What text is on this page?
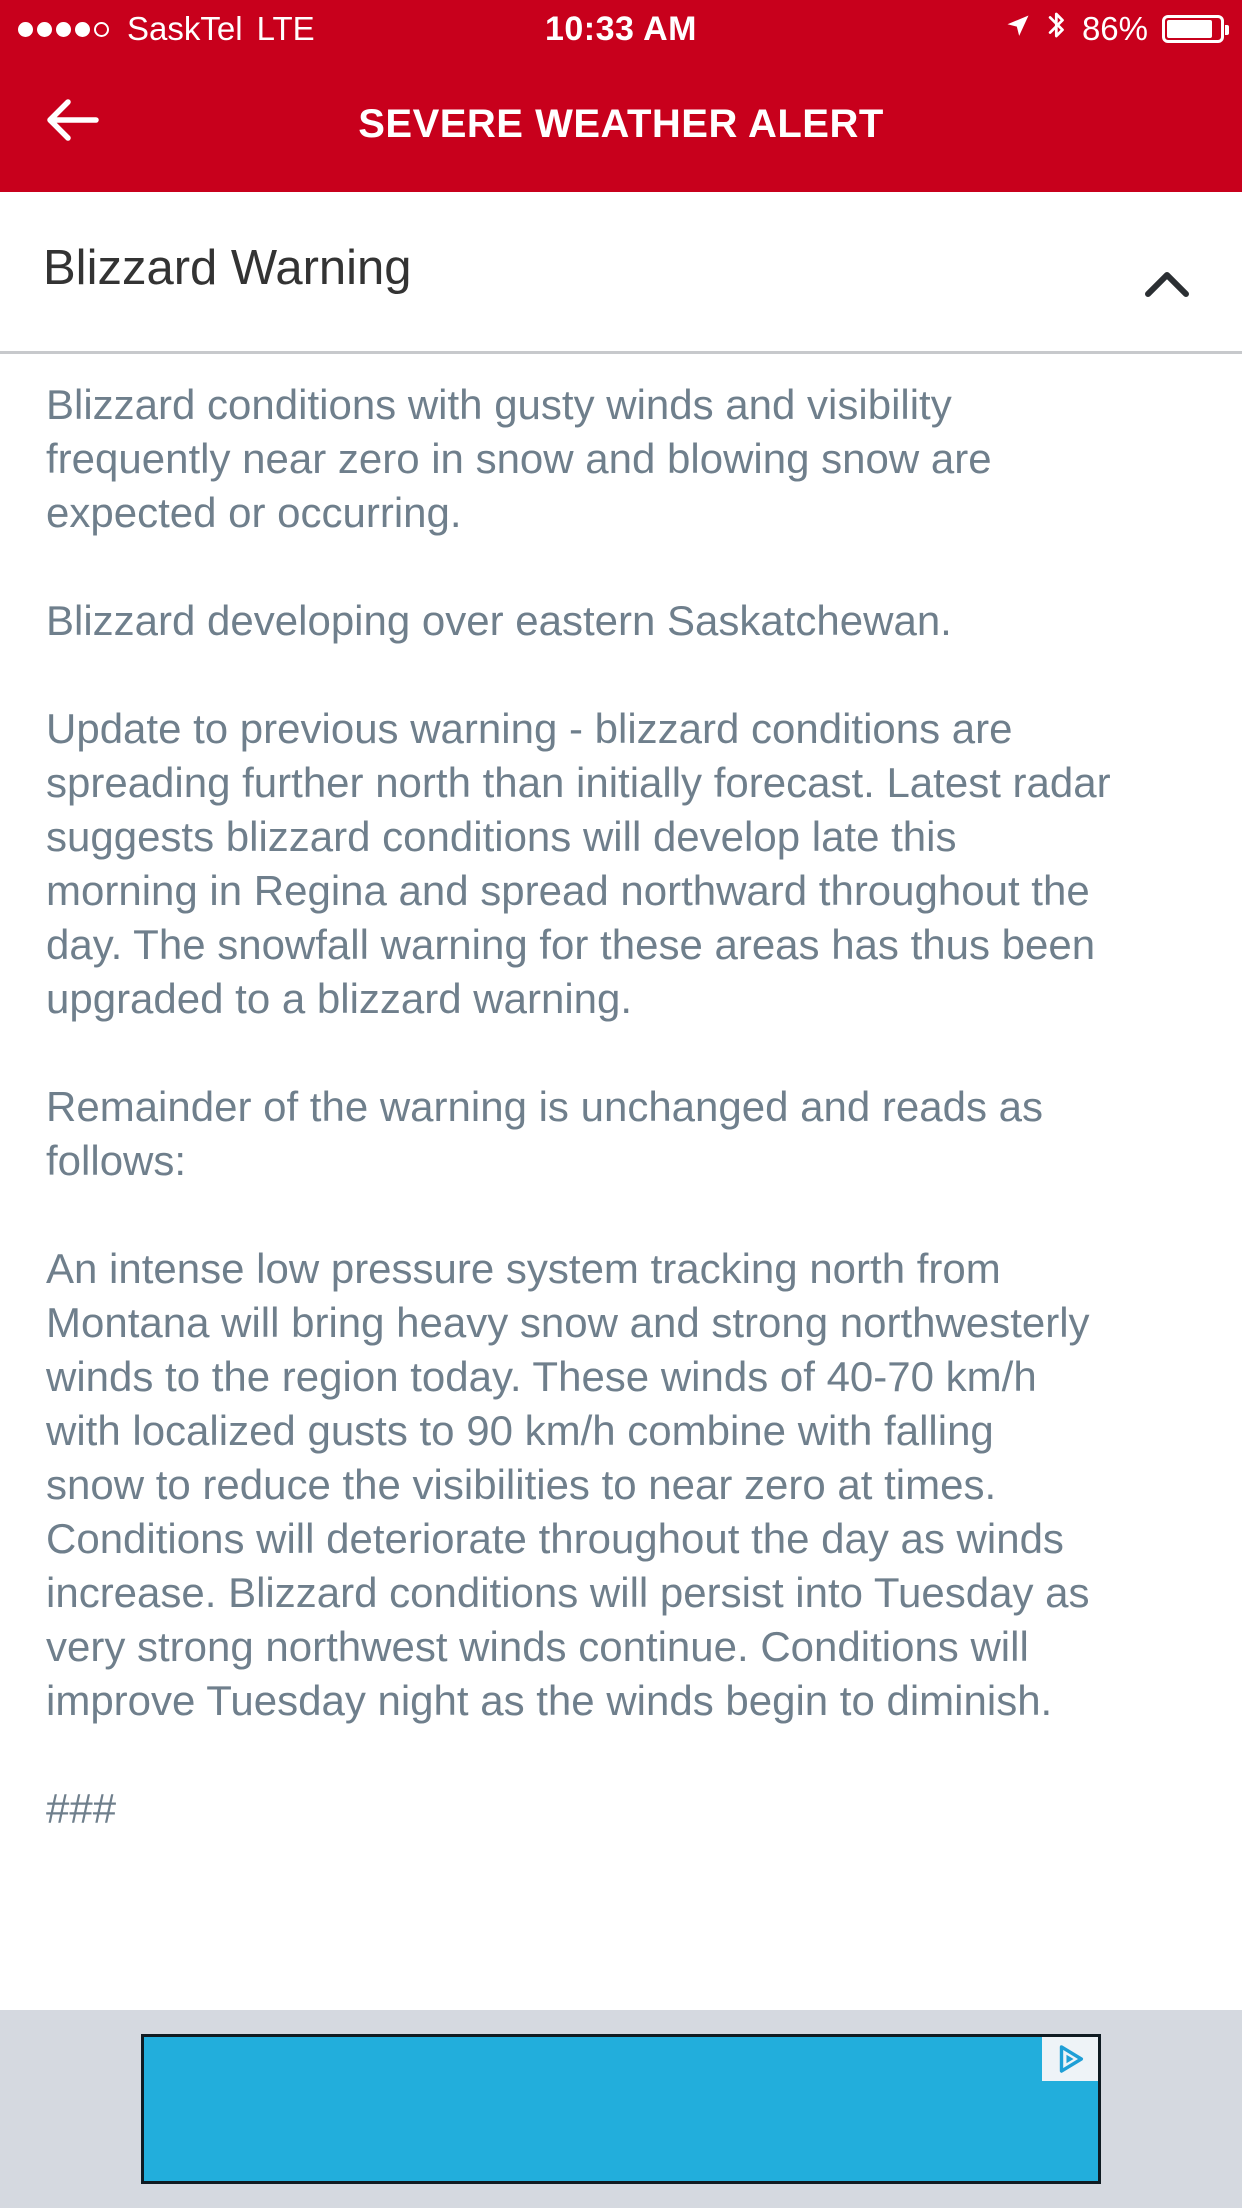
SaskTel LTE	10:33 AM	86%
SEVERE WEATHER ALERT
Blizzard Warning

Blizzard conditions with gusty winds and visibility
frequently near zero in snow and blowing snow are
expected or occurring.

Blizzard developing over eastern Saskatchewan.

Update to previous warning - blizzard conditions are
spreading further north than initially forecast. Latest radar
suggests blizzard conditions will develop late this
morning in Regina and spread northward throughout the
day. The snowfall warning for these areas has thus been
upgraded to a blizzard warning.

Remainder of the warning is unchanged and reads as
follows:

An intense low pressure system tracking north from
Montana will bring heavy snow and strong northwesterly
winds to the region today. These winds of 40-70 km/h
with localized gusts to 90 km/h combine with falling
snow to reduce the visibilities to near zero at times.
Conditions will deteriorate throughout the day as winds
increase. Blizzard conditions will persist into Tuesday as
very strong northwest winds continue. Conditions will
improve Tuesday night as the winds begin to diminish.

###
